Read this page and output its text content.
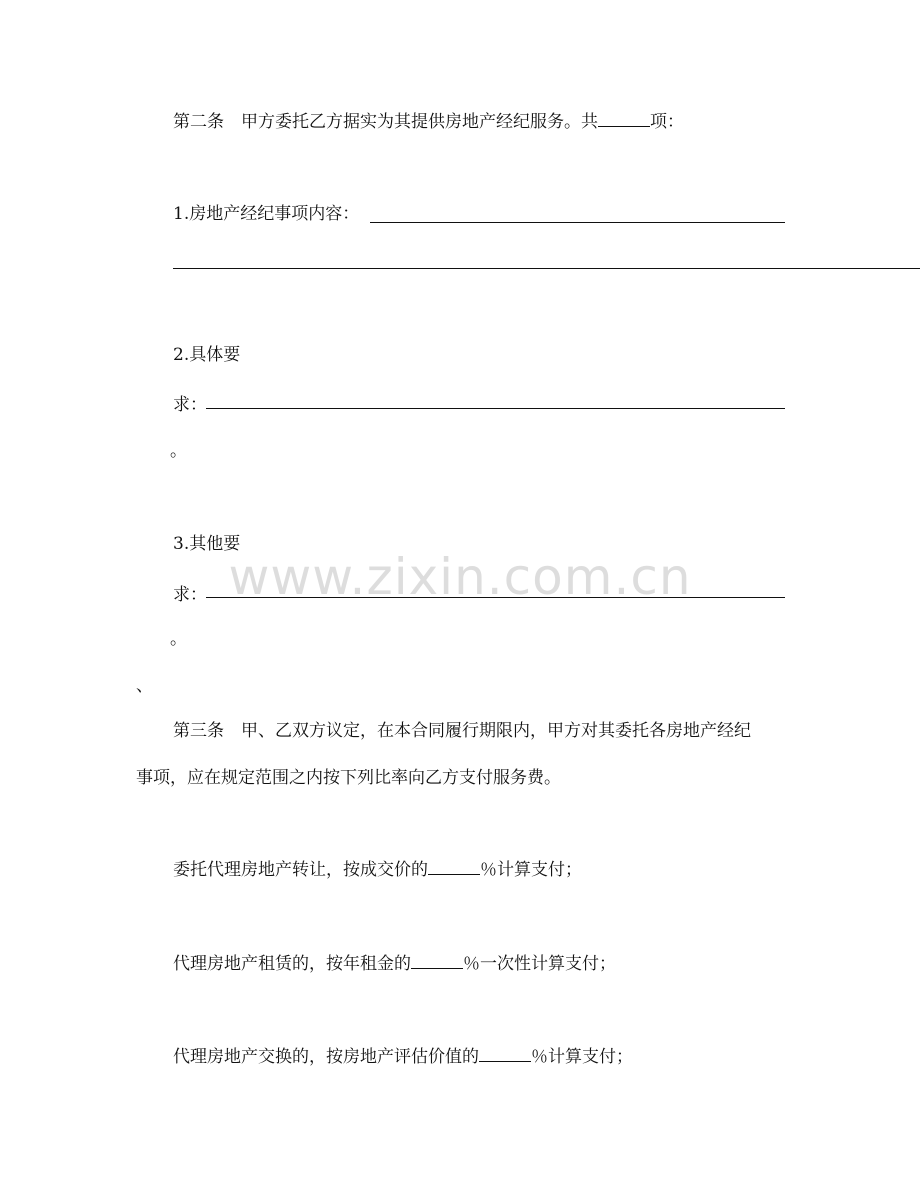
第二条　甲方委托乙方据实为其提供房地产经纪服务。共	项：
1.房地产经纪事项内容：
2.具体要
求：
。
3.其他要
求：
。
、
第三条　甲、乙双方议定，在本合同履行期限内，甲方对其委托各房地产经纪
事项，应在规定范围之内按下列比率向乙方支付服务费。
委托代理房地产转让，按成交价的	％计算支付；
代理房地产租赁的，按年租金的	％一次性计算支付；
代理房地产交换的，按房地产评估价值的	％计算支付；
www.zixin.com.cn
